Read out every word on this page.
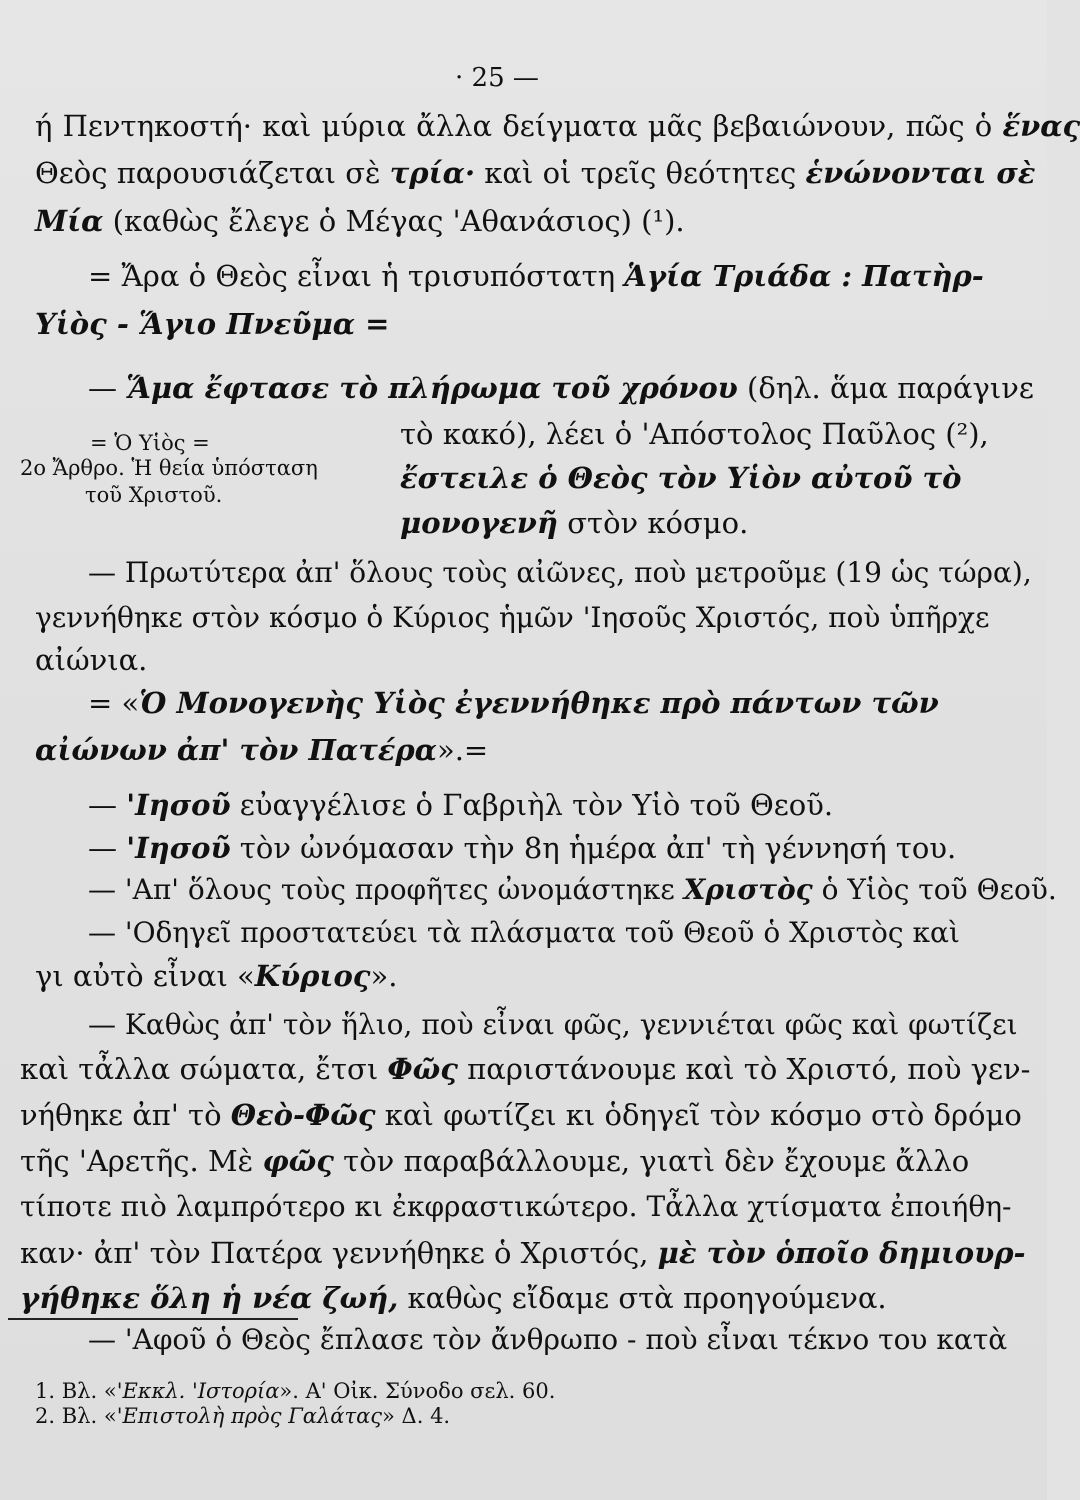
· 25 —
ή Πεντηκοστή· καὶ μύρια ἄλλα δείγματα μᾶς βεβαιώνουν, πῶς ὁ ἕνας
Θεὸς παρουσιάζεται σὲ τρία· καὶ οἱ τρεῖς θεότητες ἑνώνονται σὲ
Μία (καθὼς ἔλεγε ὁ Μέγας 'Αθανάσιος) (¹).
= Ἄρα ὁ Θεὸς εἶναι ἡ τρισυπόστατη Ἁγία Τριάδα : Πατὴρ-
Υἱὸς - Ἅγιο Πνεῦμα =
— Ἅμα ἔφτασε τὸ πλήρωμα τοῦ χρόνου (δηλ. ἅμα παράγινε
= Ὁ Υἱὸς =
2ο Ἄρθρο. Ἡ θεία ὑπόσταση
τοῦ Χριστοῦ.
τὸ κακό), λέει ὁ 'Απόστολος Παῦλος (²),
ἔστειλε ὁ Θεὸς τὸν Υἱὸν αὐτοῦ τὸ
μονογενῆ στὸν κόσμο.
— Πρωτύτερα ἀπ' ὅλους τοὺς αἰῶνες, ποὺ μετροῦμε (19 ὡς τώρα),
γεννήθηκε στὸν κόσμο ὁ Κύριος ἡμῶν 'Ιησοῦς Χριστός, ποὺ ὑπῆρχε
αἰώνια.
= «Ὁ Μονογενὴς Υἱὸς ἐγεννήθηκε πρὸ πάντων τῶν
αἰώνων ἀπ' τὸν Πατέρα».=
— 'Ιησοῦ εὐαγγέλισε ὁ Γαβριὴλ τὸν Υἱὸ τοῦ Θεοῦ.
— 'Ιησοῦ τὸν ὠνόμασαν τὴν 8η ἡμέρα ἀπ' τὴ γέννησή του.
— 'Απ' ὅλους τοὺς προφῆτες ὠνομάστηκε Χριστὸς ὁ Υἱὸς τοῦ Θεοῦ.
— 'Οδηγεῖ προστατεύει τὰ πλάσματα τοῦ Θεοῦ ὁ Χριστὸς καὶ
γι αὐτὸ εἶναι «Κύριος».
— Καθὼς ἀπ' τὸν ἥλιο, ποὺ εἶναι φῶς, γεννιέται φῶς καὶ φωτίζει
καὶ τἆλλα σώματα, ἔτσι Φῶς παριστάνουμε καὶ τὸ Χριστό, ποὺ γεν-
νήθηκε ἀπ' τὸ Θεὸ-Φῶς καὶ φωτίζει κι ὁδηγεῖ τὸν κόσμο στὸ δρόμο
τῆς 'Αρετῆς. Μὲ φῶς τὸν παραβάλλουμε, γιατὶ δὲν ἔχουμε ἄλλο
τίποτε πιὸ λαμπρότερο κι ἐκφραστικώτερο. Τἆλλα χτίσματα ἐποιήθη-
καν· ἀπ' τὸν Πατέρα γεννήθηκε ὁ Χριστός, μὲ τὸν ὁποῖο δημιουρ-
γήθηκε ὅλη ἡ νέα ζωή, καθὼς εἴδαμε στὰ προηγούμενα.
— 'Αφοῦ ὁ Θεὸς ἔπλασε τὸν ἄνθρωπο - ποὺ εἶναι τέκνο του κατὰ
1. Βλ. «'Εκκλ. 'Ιστορία». Α' Οἰκ. Σύνοδο σελ. 60.
2. Βλ. «'Επιστολὴ πρὸς Γαλάτας» Δ. 4.
